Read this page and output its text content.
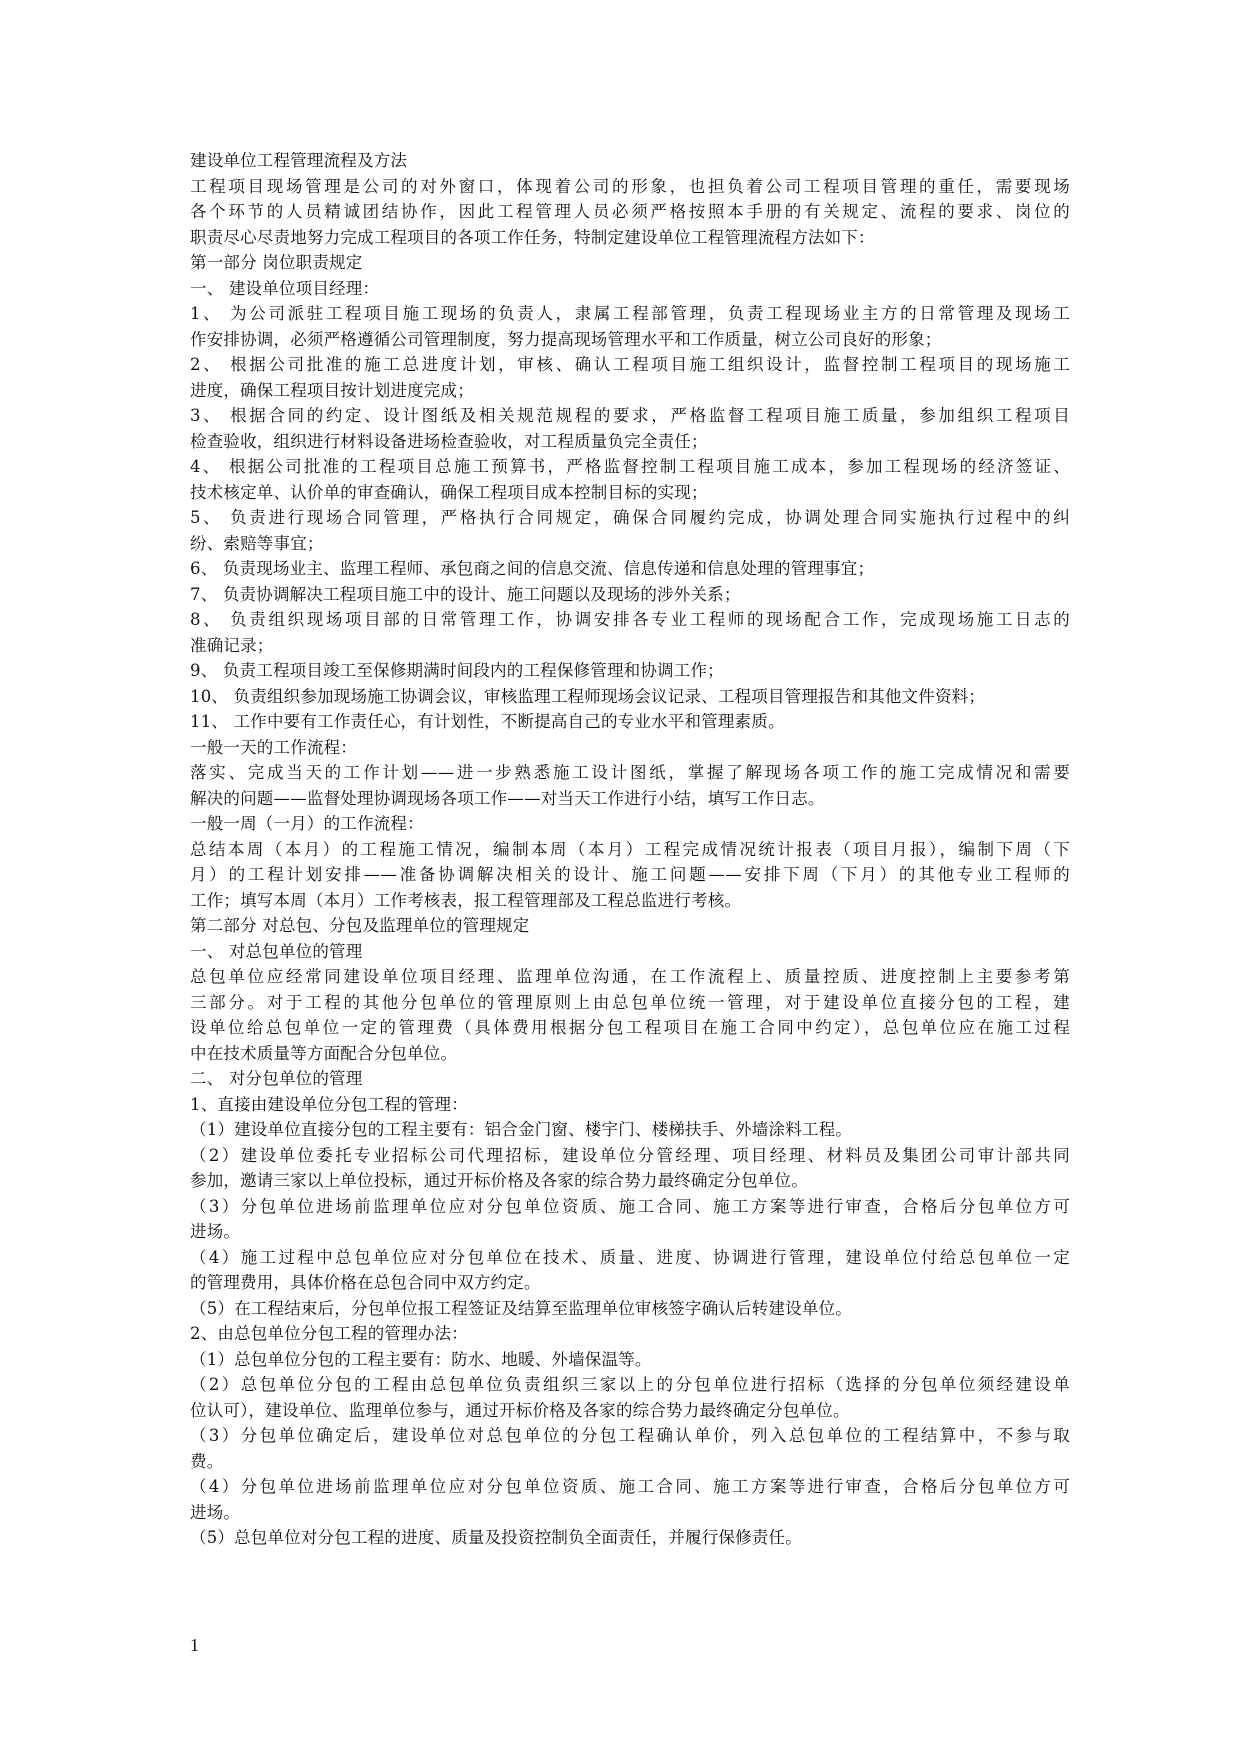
建设单位工程管理流程及方法
工程项目现场管理是公司的对外窗口，体现着公司的形象，也担负着公司工程项目管理的重任，需要现场
各个环节的人员精诚团结协作，因此工程管理人员必须严格按照本手册的有关规定、流程的要求、岗位的
职责尽心尽责地努力完成工程项目的各项工作任务，特制定建设单位工程管理流程方法如下：
第一部分 岗位职责规定
一、 建设单位项目经理：
1、 为公司派驻工程项目施工现场的负责人，隶属工程部管理，负责工程现场业主方的日常管理及现场工
作安排协调，必须严格遵循公司管理制度，努力提高现场管理水平和工作质量，树立公司良好的形象；
2、 根据公司批准的施工总进度计划，审核、确认工程项目施工组织设计，监督控制工程项目的现场施工
进度，确保工程项目按计划进度完成；
3、 根据合同的约定、设计图纸及相关规范规程的要求，严格监督工程项目施工质量，参加组织工程项目
检查验收，组织进行材料设备进场检查验收，对工程质量负完全责任；
4、 根据公司批准的工程项目总施工预算书，严格监督控制工程项目施工成本，参加工程现场的经济签证、
技术核定单、认价单的审查确认，确保工程项目成本控制目标的实现；
5、 负责进行现场合同管理，严格执行合同规定，确保合同履约完成，协调处理合同实施执行过程中的纠
纷、索赔等事宜；
6、 负责现场业主、监理工程师、承包商之间的信息交流、信息传递和信息处理的管理事宜；
7、 负责协调解决工程项目施工中的设计、施工问题以及现场的涉外关系；
8、 负责组织现场项目部的日常管理工作，协调安排各专业工程师的现场配合工作，完成现场施工日志的
准确记录；
9、 负责工程项目竣工至保修期满时间段内的工程保修管理和协调工作；
10、 负责组织参加现场施工协调会议，审核监理工程师现场会议记录、工程项目管理报告和其他文件资料；
11、 工作中要有工作责任心，有计划性，不断提高自己的专业水平和管理素质。
一般一天的工作流程：
落实、完成当天的工作计划——进一步熟悉施工设计图纸，掌握了解现场各项工作的施工完成情况和需要
解决的问题——监督处理协调现场各项工作——对当天工作进行小结，填写工作日志。
一般一周（一月）的工作流程：
总结本周（本月）的工程施工情况，编制本周（本月）工程完成情况统计报表（项目月报），编制下周（下
月）的工程计划安排——准备协调解决相关的设计、施工问题——安排下周（下月）的其他专业工程师的
工作；填写本周（本月）工作考核表，报工程管理部及工程总监进行考核。
第二部分 对总包、分包及监理单位的管理规定
一、 对总包单位的管理
总包单位应经常同建设单位项目经理、监理单位沟通，在工作流程上、质量控质、进度控制上主要参考第
三部分。对于工程的其他分包单位的管理原则上由总包单位统一管理，对于建设单位直接分包的工程，建
设单位给总包单位一定的管理费（具体费用根据分包工程项目在施工合同中约定），总包单位应在施工过程
中在技术质量等方面配合分包单位。
二、 对分包单位的管理
1、直接由建设单位分包工程的管理：
（1）建设单位直接分包的工程主要有：铝合金门窗、楼宇门、楼梯扶手、外墙涂料工程。
（2）建设单位委托专业招标公司代理招标，建设单位分管经理、项目经理、材料员及集团公司审计部共同
参加，邀请三家以上单位投标，通过开标价格及各家的综合势力最终确定分包单位。
（3）分包单位进场前监理单位应对分包单位资质、施工合同、施工方案等进行审查，合格后分包单位方可
进场。
（4）施工过程中总包单位应对分包单位在技术、质量、进度、协调进行管理，建设单位付给总包单位一定
的管理费用，具体价格在总包合同中双方约定。
（5）在工程结束后，分包单位报工程签证及结算至监理单位审核签字确认后转建设单位。
2、由总包单位分包工程的管理办法：
（1）总包单位分包的工程主要有：防水、地暖、外墙保温等。
（2）总包单位分包的工程由总包单位负责组织三家以上的分包单位进行招标（选择的分包单位须经建设单
位认可），建设单位、监理单位参与，通过开标价格及各家的综合势力最终确定分包单位。
（3）分包单位确定后，建设单位对总包单位的分包工程确认单价，列入总包单位的工程结算中，不参与取
费。
（4）分包单位进场前监理单位应对分包单位资质、施工合同、施工方案等进行审查，合格后分包单位方可
进场。
（5）总包单位对分包工程的进度、质量及投资控制负全面责任，并履行保修责任。
1
